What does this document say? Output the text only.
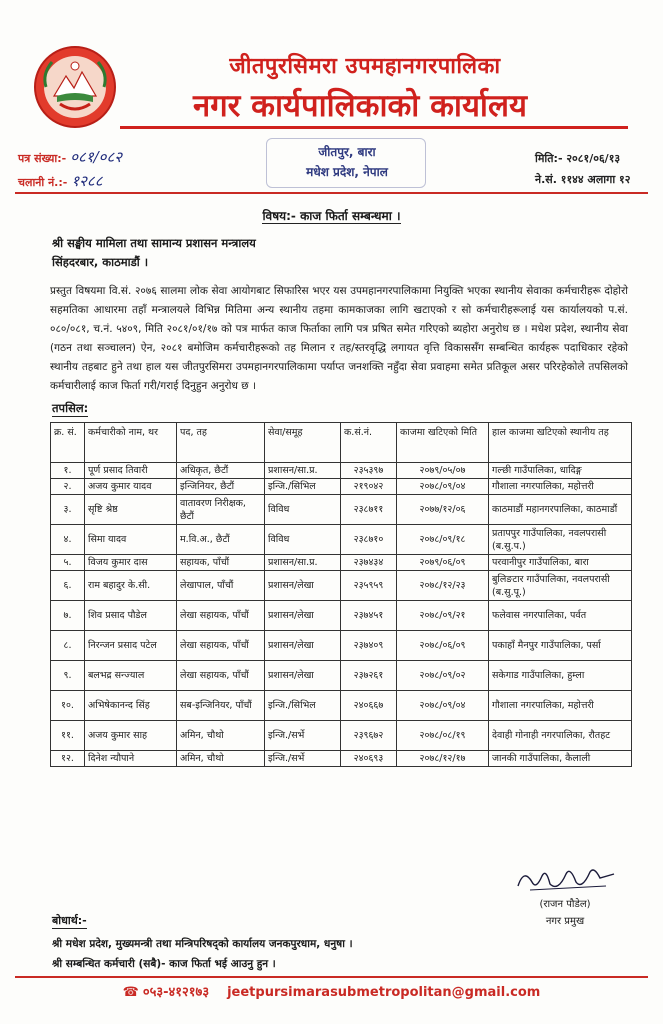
जीतपुरसिमरा उपमहानगरपालिका
नगर कार्यपालिकाको कार्यालय
पत्र संख्या:- ०८१/०८२
चलानी नं.:- १२८८
जीतपुर, बारा
मधेश प्रदेश, नेपाल
मिति:- २०८१/०६/१३
ने.सं. ११४४ अलागा १२
विषय:- काज फिर्ता सम्बन्धमा ।
श्री सङ्घीय मामिला तथा सामान्य प्रशासन मन्त्रालय
सिंहदरबार, काठमाडौं ।
प्रस्तुत विषयमा वि.सं. २०७६ सालमा लोक सेवा आयोगबाट सिफारिस भएर यस उपमहानगरपालिकामा नियुक्ति भएका स्थानीय सेवाका कर्मचारीहरू दोहोरो सहमतिका आधारमा तहाँ मन्त्रालयले विभिन्न मितिमा अन्य स्थानीय तहमा कामकाजका लागि खटाएको र सो कर्मचारीहरूलाई यस कार्यालयको प.सं. ०८०/०८१, च.नं. ५४०९, मिति २०८१/०१/१७ को पत्र मार्फत काज फिर्ताका लागि पत्र प्रषित समेत गरिएको ब्यहोरा अनुरोध छ । मधेश प्रदेश, स्थानीय सेवा (गठन तथा सञ्चालन) ऐन, २०८१ बमोजिम कर्मचारीहरूको तह मिलान र तह/स्तरवृद्धि लगायत वृत्ति विकाससँग सम्बन्धित कार्यहरू पदाधिकार रहेको स्थानीय तहबाट हुने तथा हाल यस जीतपुरसिमरा उपमहानगरपालिकामा पर्याप्त जनशक्ति नहुँदा सेवा प्रवाहमा समेत प्रतिकूल असर परिरहेकोले तपसिलको कर्मचारीलाई काज फिर्ता गरी/गराई दिनुहुन अनुरोध छ ।
तपसिल:
क्र. सं.	कर्मचारीको नाम, थर	पद, तह	सेवा/समूह	क.सं.नं.	काजमा खटिएको मिति	हाल काजमा खटिएको स्थानीय तह
१.	पूर्ण प्रसाद तिवारी	अधिकृत, छैटौं	प्रशासन/सा.प्र.	२३५३९७	२०७९/०५/०७	गल्छी गाउँपालिका, धादिङ्ग
२.	अजय कुमार यादव	इन्जिनियर, छैटौं	इन्जि./सिभिल	२१९०४२	२०७८/०९/०४	गौशाला नगरपालिका, महोत्तरी
३.	सृष्टि श्रेष्ठ	वातावरण निरीक्षक, छैटौं	विविध	२३८७११	२०७७/१२/०६	काठमाडौं महानगरपालिका, काठमाडौं
४.	सिमा यादव	म.वि.अ., छैटौं	विविध	२३८७१०	२०७८/०९/१८	प्रतापपुर गाउँपालिका, नवलपरासी (ब.सु.प.)
५.	विजय कुमार दास	सहायक, पाँचौं	प्रशासन/सा.प्र.	२३७४३४	२०७९/०६/०९	परवानीपुर गाउँपालिका, बारा
६.	राम बहादुर के.सी.	लेखापाल, पाँचौं	प्रशासन/लेखा	२३५९५९	२०७८/१२/२३	बुलिङटार गाउँपालिका, नवलपरासी (ब.सु.पू.)
७.	शिव प्रसाद पौडेल	लेखा सहायक, पाँचौं	प्रशासन/लेखा	२३७४५१	२०७८/०९/२१	फलेवास नगरपालिका, पर्वत
८.	निरन्जन प्रसाद पटेल	लेखा सहायक, पाँचौं	प्रशासन/लेखा	२३७४०९	२०७८/०६/०९	पकाहाँ मैनपुर गाउँपालिका, पर्सा
९.	बलभद्र सन्ज्याल	लेखा सहायक, पाँचौं	प्रशासन/लेखा	२३७२६१	२०७८/०९/०२	सकेगाड गाउँपालिका, हुम्ला
१०.	अभिषेकानन्द सिंह	सब-इन्जिनियर, पाँचौं	इन्जि./सिभिल	२४०६६७	२०७८/०९/०४	गौशाला नगरपालिका, महोत्तरी
११.	अजय कुमार साह	अमिन, चौथो	इन्जि./सर्भे	२३९६७२	२०७८/०८/१९	देवाही गोनाही नगरपालिका, रौतहट
१२.	दिनेश न्यौपाने	अमिन, चौथो	इन्जि./सर्भे	२४०६९३	२०७८/१२/१७	जानकी गाउँपालिका, कैलाली
(राजन पौडेल)
नगर प्रमुख
बोधार्थ:-
श्री मधेश प्रदेश, मुख्यमन्त्री तथा मन्त्रिपरिषद्को कार्यालय जनकपुरधाम, धनुषा ।
श्री सम्बन्धित कर्मचारी (सबै)- काज फिर्ता भई आउनु हुन ।
☎ ०५३-४१२१७३ jeetpursimarasubmetropolitan@gmail.com
